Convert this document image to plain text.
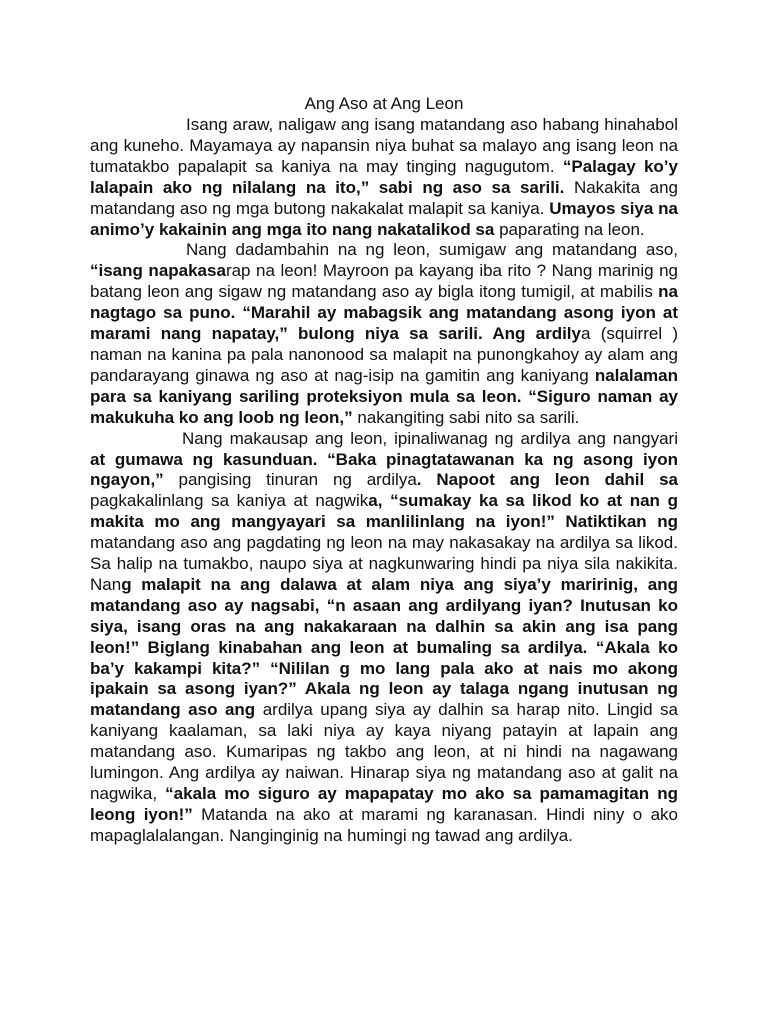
Ang Aso at Ang Leon

Isang araw, naligaw ang isang matandang aso habang hinahabol ang kuneho. Mayamaya ay napansin niya buhat sa malayo ang isang leon na tumatakbo papalapit sa kaniya na may tinging nagugutom. “Palagay ko’y lalapain ako ng nilalang na ito,” sabi ng aso sa sarili. Nakakita ang matandang aso ng mga butong nakakalat malapit sa kaniya. Umayos siya na animo’y kakainin ang mga ito nang nakatalikod sa paparating na leon.

Nang dadambahin na ng leon, sumigaw ang matandang aso, “isang napakasarap na leon! Mayroon pa kayang iba rito ? Nang marinig ng batang leon ang sigaw ng matandang aso ay bigla itong tumigil, at mabilis na nagtago sa puno. “Marahil ay mabagsik ang matandang asong iyon at marami nang napatay,” bulong niya sa sarili. Ang ardilya (squirrel ) naman na kanina pa pala nanonood sa malapit na punongkahoy ay alam ang pandarayang ginawa ng aso at nag-isip na gamitin ang kaniyang nalalaman para sa kaniyang sariling proteksiyon mula sa leon. “Siguro naman ay makukuha ko ang loob ng leon,” nakangiting sabi nito sa sarili.

Nang makausap ang leon, ipinaliwanag ng ardilya ang nangyari at gumawa ng kasunduan. “Baka pinagtatawanan ka ng asong iyon ngayon,” pangising tinuran ng ardilya. Napoot ang leon dahil sa pagkakalinlang sa kaniya at nagwika, “sumakay ka sa likod ko at nan g makita mo ang mangyayari sa manlilinlang na iyon!” Natiktikan ng matandang aso ang pagdating ng leon na may nakasakay na ardilya sa likod. Sa halip na tumakbo, naupo siya at nagkunwaring hindi pa niya sila nakikita. Nang malapit na ang dalawa at alam niya ang siya’y maririnig, ang matandang aso ay nagsabi, “n asaan ang ardilyang iyan? Inutusan ko siya, isang oras na ang nakakaraan na dalhin sa akin ang isa pang leon!” Biglang kinabahan ang leon at bumaling sa ardilya. “Akala ko ba’y kakampi kita?” “Nililan g mo lang pala ako at nais mo akong ipakain sa asong iyan?” Akala ng leon ay talaga ngang inutusan ng matandang aso ang ardilya upang siya ay dalhin sa harap nito. Lingid sa kaniyang kaalaman, sa laki niya ay kaya niyang patayin at lapain ang matandang aso. Kumaripas ng takbo ang leon, at ni hindi na nagawang lumingon. Ang ardilya ay naiwan. Hinarap siya ng matandang aso at galit na nagwika, “akala mo siguro ay mapapatay mo ako sa pamamagitan ng leong iyon!” Matanda na ako at marami ng karanasan. Hindi niny o ako mapaglalalangan. Nanginginig na humingi ng tawad ang ardilya.
